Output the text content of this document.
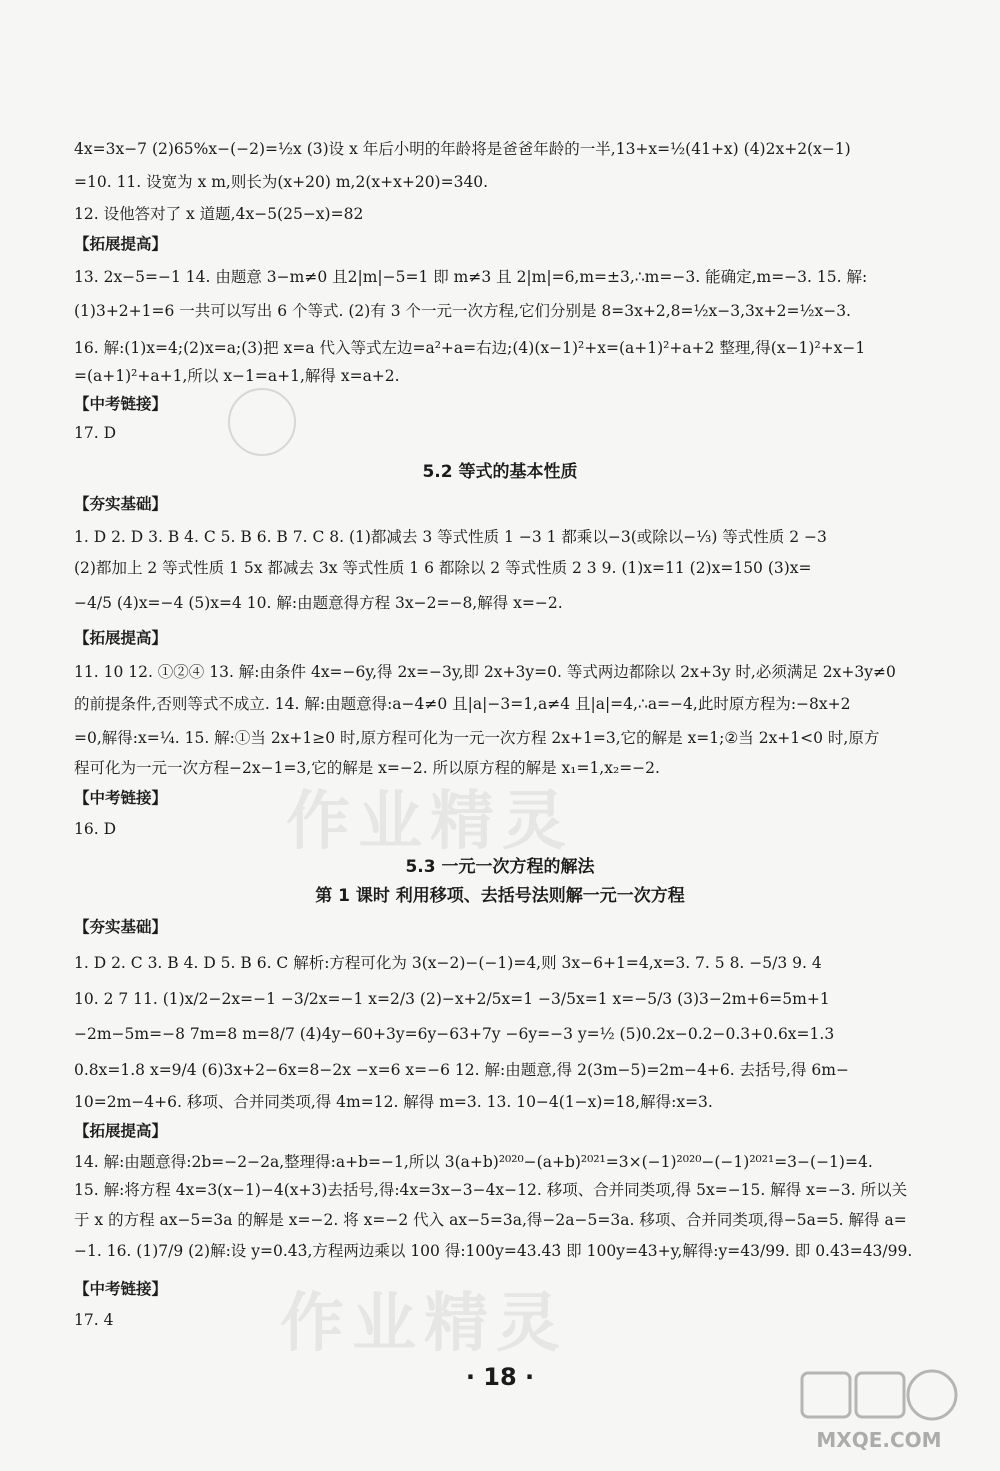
4x=3x−7 (2)65%x−(−2)=½x (3)设 x 年后小明的年龄将是爸爸年龄的一半,13+x=½(41+x) (4)2x+2(x−1)
=10. 11. 设宽为 x m,则长为(x+20) m,2(x+x+20)=340.
12. 设他答对了 x 道题,4x−5(25−x)=82
【拓展提高】
13. 2x−5=−1 14. 由题意 3−m≠0 且2|m|−5=1 即 m≠3 且 2|m|=6,m=±3,∴m=−3. 能确定,m=−3. 15. 解:
(1)3+2+1=6 一共可以写出 6 个等式. (2)有 3 个一元一次方程,它们分别是 8=3x+2,8=½x−3,3x+2=½x−3.
16. 解:(1)x=4;(2)x=a;(3)把 x=a 代入等式左边=a²+a=右边;(4)(x−1)²+x=(a+1)²+a+2 整理,得(x−1)²+x−1
=(a+1)²+a+1,所以 x−1=a+1,解得 x=a+2.
【中考链接】
17. D
5.2 等式的基本性质
【夯实基础】
1. D 2. D 3. B 4. C 5. B 6. B 7. C 8. (1)都减去 3 等式性质 1 −3 1 都乘以−3(或除以−⅓) 等式性质 2 −3
(2)都加上 2 等式性质 1 5x 都减去 3x 等式性质 1 6 都除以 2 等式性质 2 3 9. (1)x=11 (2)x=150 (3)x=
−4/5 (4)x=−4 (5)x=4 10. 解:由题意得方程 3x−2=−8,解得 x=−2.
【拓展提高】
11. 10 12. ①②④ 13. 解:由条件 4x=−6y,得 2x=−3y,即 2x+3y=0. 等式两边都除以 2x+3y 时,必须满足 2x+3y≠0
的前提条件,否则等式不成立. 14. 解:由题意得:a−4≠0 且|a|−3=1,a≠4 且|a|=4,∴a=−4,此时原方程为:−8x+2
=0,解得:x=¼. 15. 解:①当 2x+1≥0 时,原方程可化为一元一次方程 2x+1=3,它的解是 x=1;②当 2x+1<0 时,原方
程可化为一元一次方程−2x−1=3,它的解是 x=−2. 所以原方程的解是 x₁=1,x₂=−2.
【中考链接】
16. D
5.3 一元一次方程的解法
第 1 课时 利用移项、去括号法则解一元一次方程
【夯实基础】
1. D 2. C 3. B 4. D 5. B 6. C 解析:方程可化为 3(x−2)−(−1)=4,则 3x−6+1=4,x=3. 7. 5 8. −5/3 9. 4
10. 2 7 11. (1)x/2−2x=−1 −3/2x=−1 x=2/3 (2)−x+2/5x=1 −3/5x=1 x=−5/3 (3)3−2m+6=5m+1
−2m−5m=−8 7m=8 m=8/7 (4)4y−60+3y=6y−63+7y −6y=−3 y=½ (5)0.2x−0.2−0.3+0.6x=1.3
0.8x=1.8 x=9/4 (6)3x+2−6x=8−2x −x=6 x=−6 12. 解:由题意,得 2(3m−5)=2m−4+6. 去括号,得 6m−
10=2m−4+6. 移项、合并同类项,得 4m=12. 解得 m=3. 13. 10−4(1−x)=18,解得:x=3.
【拓展提高】
14. 解:由题意得:2b=−2−2a,整理得:a+b=−1,所以 3(a+b)²⁰²⁰−(a+b)²⁰²¹=3×(−1)²⁰²⁰−(−1)²⁰²¹=3−(−1)=4.
15. 解:将方程 4x=3(x−1)−4(x+3)去括号,得:4x=3x−3−4x−12. 移项、合并同类项,得 5x=−15. 解得 x=−3. 所以关
于 x 的方程 ax−5=3a 的解是 x=−2. 将 x=−2 代入 ax−5=3a,得−2a−5=3a. 移项、合并同类项,得−5a=5. 解得 a=
−1. 16. (1)7/9 (2)解:设 y=0.4̇3̇,方程两边乘以 100 得:100y=43.4̇3̇ 即 100y=43+y,解得:y=43/99. 即 0.4̇3̇=43/99.
【中考链接】
17. 4
· 18 ·
作业精灵
作业精灵
MXQE.COM
